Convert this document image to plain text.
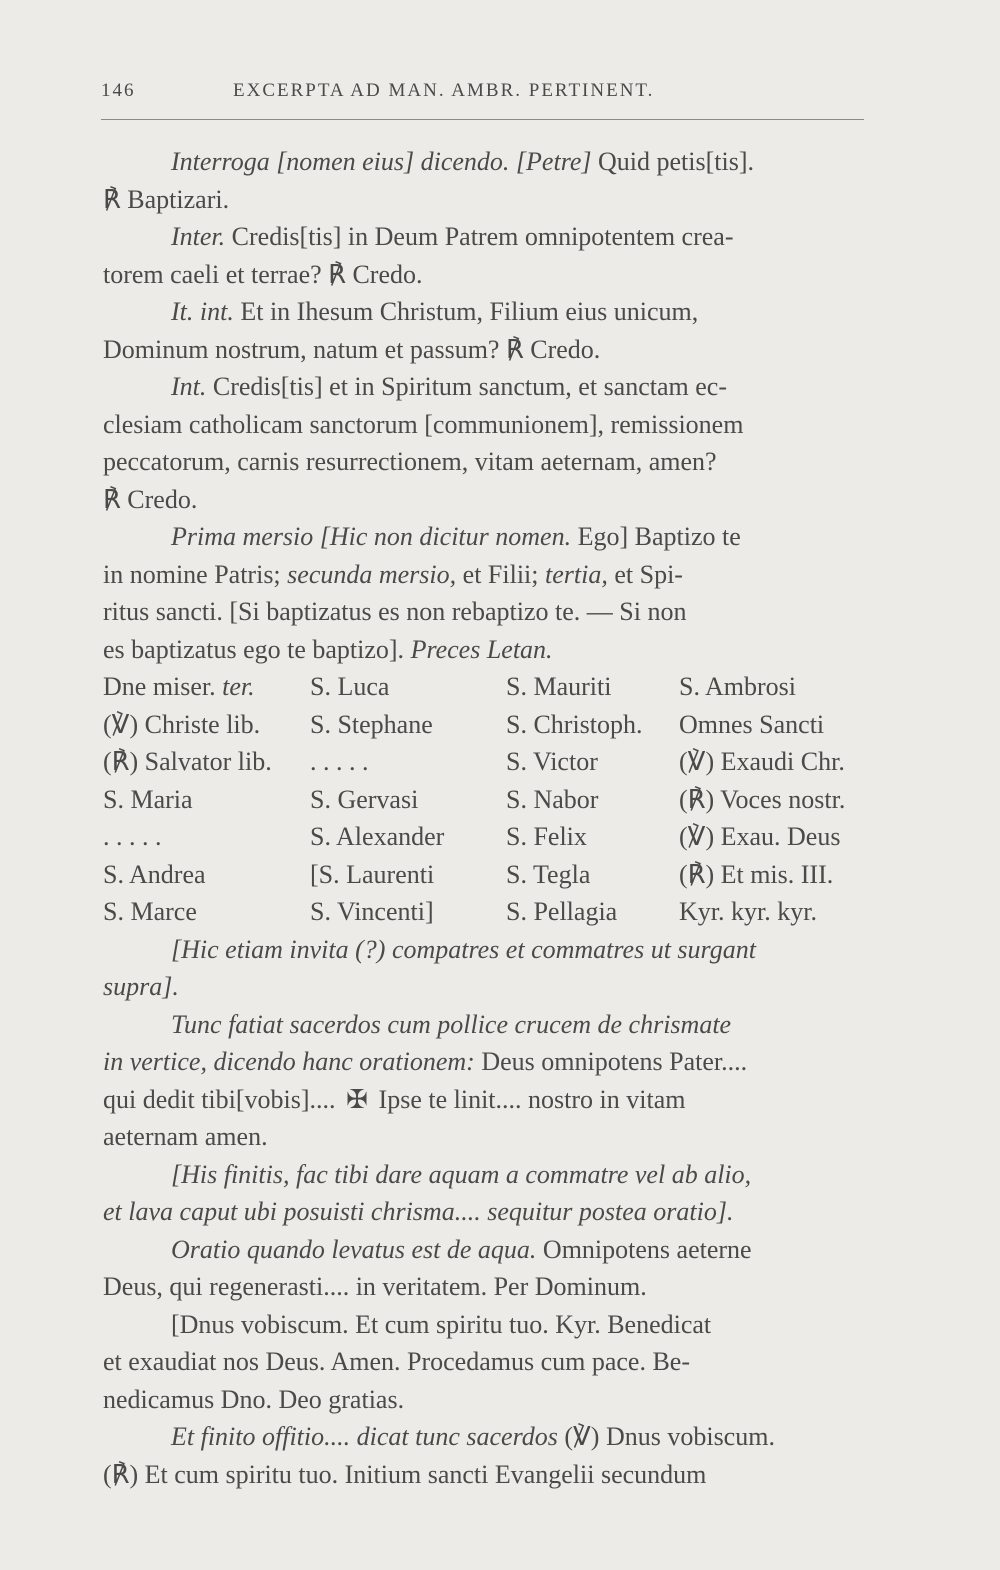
146	EXCERPTA AD MAN. AMBR. PERTINENT.
Interroga [nomen eius] dicendo. [Petre] Quid petis[tis].
℟ Baptizari.
Inter. Credis[tis] in Deum Patrem omnipotentem crea-
torem caeli et terrae? ℟ Credo.
It. int. Et in Ihesum Christum, Filium eius unicum,
Dominum nostrum, natum et passum? ℟ Credo.
Int. Credis[tis] et in Spiritum sanctum, et sanctam ec-
clesiam catholicam sanctorum [communionem], remissionem
peccatorum, carnis resurrectionem, vitam aeternam, amen?
℟ Credo.
Prima mersio [Hic non dicitur nomen. Ego] Baptizo te
in nomine Patris; secunda mersio, et Filii; tertia, et Spi-
ritus sancti. [Si baptizatus es non rebaptizo te. — Si non
es baptizatus ego te baptizo]. Preces Letan.
Dne miser. ter.	S. Luca	S. Mauriti	S. Ambrosi
(℣) Christe lib.	S. Stephane	S. Christoph.	Omnes Sancti
(℟) Salvator lib.	. . . . .	S. Victor	(℣) Exaudi Chr.
S. Maria	S. Gervasi	S. Nabor	(℟) Voces nostr.
. . . . .	S. Alexander	S. Felix	(℣) Exau. Deus
S. Andrea	[S. Laurenti	S. Tegla	(℟) Et mis. III.
S. Marce	S. Vincenti]	S. Pellagia	Kyr. kyr. kyr.
[Hic etiam invita (?) compatres et commatres ut surgant
supra].
Tunc fatiat sacerdos cum pollice crucem de chrismate
in vertice, dicendo hanc orationem: Deus omnipotens Pater....
qui dedit tibi[vobis].... ✠ Ipse te linit.... nostro in vitam
aeternam amen.
[His finitis, fac tibi dare aquam a commatre vel ab alio,
et lava caput ubi posuisti chrisma.... sequitur postea oratio].
Oratio quando levatus est de aqua. Omnipotens aeterne
Deus, qui regenerasti.... in veritatem. Per Dominum.
[Dnus vobiscum. Et cum spiritu tuo. Kyr. Benedicat
et exaudiat nos Deus. Amen. Procedamus cum pace. Be-
nedicamus Dno. Deo gratias.
Et finito offitio.... dicat tunc sacerdos (℣) Dnus vobiscum.
(℟) Et cum spiritu tuo. Initium sancti Evangelii secundum
